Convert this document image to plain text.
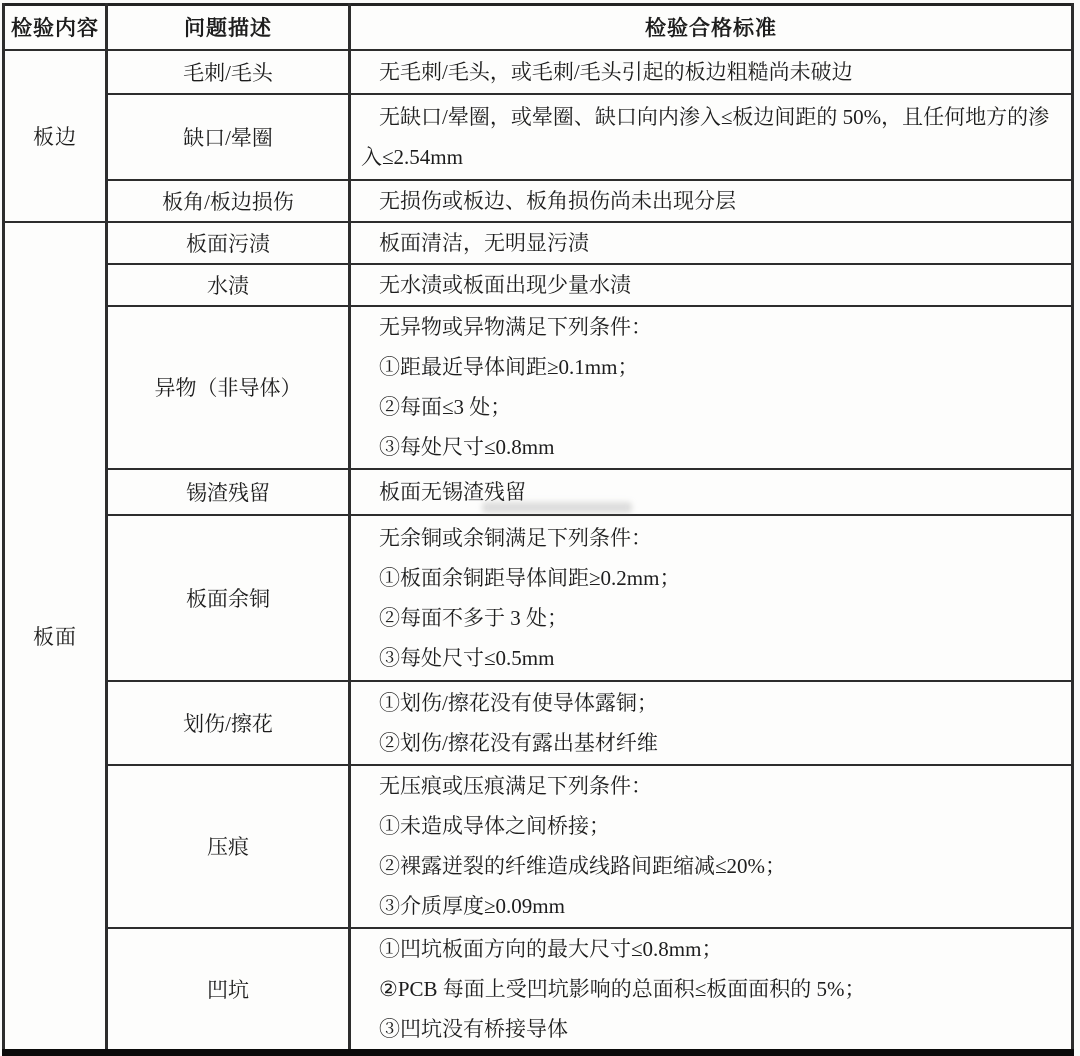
检验内容	问题描述	检验合格标准
板边	毛刺/毛头	无毛刺/毛头，或毛刺/毛头引起的板边粗糙尚未破边

	缺口/晕圈	无缺口/晕圈，或晕圈、缺口向内渗入≤板边间距的 50%，且任何地方的渗入≤2.54mm

	板角/板边损伤	无损伤或板边、板角损伤尚未出现分层

板面	板面污渍	板面清洁，无明显污渍

	水渍	无水渍或板面出现少量水渍

	异物（非导体）	无异物或异物满足下列条件：

①距最近导体间距≥0.1mm；

②每面≤3 处；

③每处尺寸≤0.8mm

	锡渣残留	板面无锡渣残留

	板面余铜	无余铜或余铜满足下列条件：

①板面余铜距导体间距≥0.2mm；

②每面不多于 3 处；

③每处尺寸≤0.5mm

	划伤/擦花	①划伤/擦花没有使导体露铜；

②划伤/擦花没有露出基材纤维

	压痕	无压痕或压痕满足下列条件：

①未造成导体之间桥接；

②裸露迸裂的纤维造成线路间距缩减≤20%；

③介质厚度≥0.09mm

	凹坑	①凹坑板面方向的最大尺寸≤0.8mm；

②PCB 每面上受凹坑影响的总面积≤板面面积的 5%；

③凹坑没有桥接导体
